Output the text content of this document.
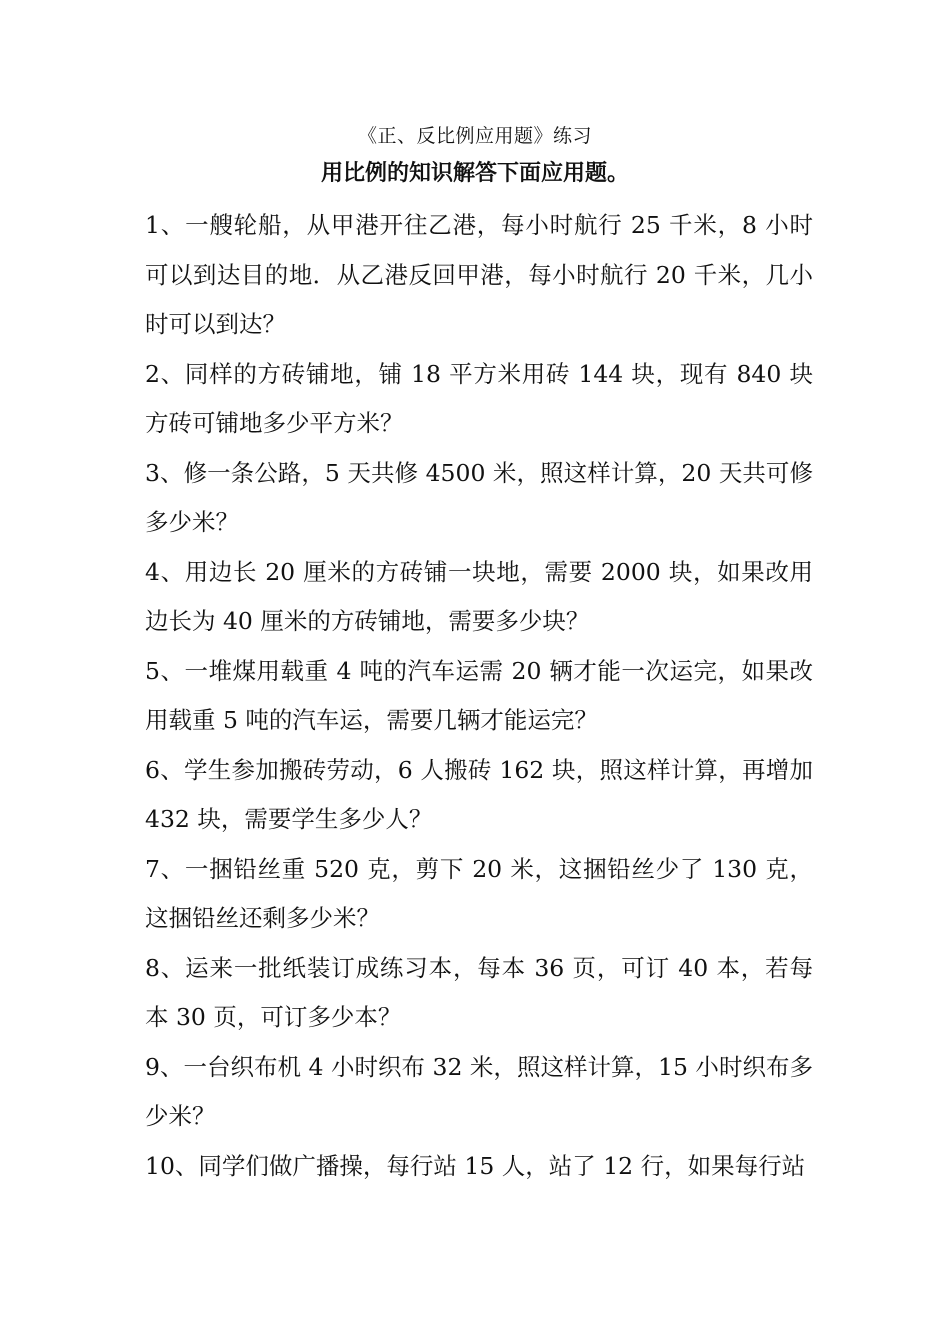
《正、反比例应用题》练习
用比例的知识解答下面应用题。
1、一艘轮船，从甲港开往乙港，每小时航行 25 千米，8 小时可以到达目的地．从乙港反回甲港，每小时航行 20 千米，几小时可以到达？
2、同样的方砖铺地，铺 18 平方米用砖 144 块，现有 840 块方砖可铺地多少平方米？
3、修一条公路，5 天共修 4500 米，照这样计算，20 天共可修多少米？
4、用边长 20 厘米的方砖铺一块地，需要 2000 块，如果改用边长为 40 厘米的方砖铺地，需要多少块？
5、一堆煤用载重 4 吨的汽车运需 20 辆才能一次运完，如果改用载重 5 吨的汽车运，需要几辆才能运完？
6、学生参加搬砖劳动，6 人搬砖 162 块，照这样计算，再增加 432 块，需要学生多少人？
7、一捆铅丝重 520 克，剪下 20 米，这捆铅丝少了 130 克，这捆铅丝还剩多少米？
8、运来一批纸装订成练习本，每本 36 页，可订 40 本，若每本 30 页，可订多少本？
9、一台织布机 4 小时织布 32 米，照这样计算，15 小时织布多少米？
10、同学们做广播操，每行站 15 人，站了 12 行，如果每行站
